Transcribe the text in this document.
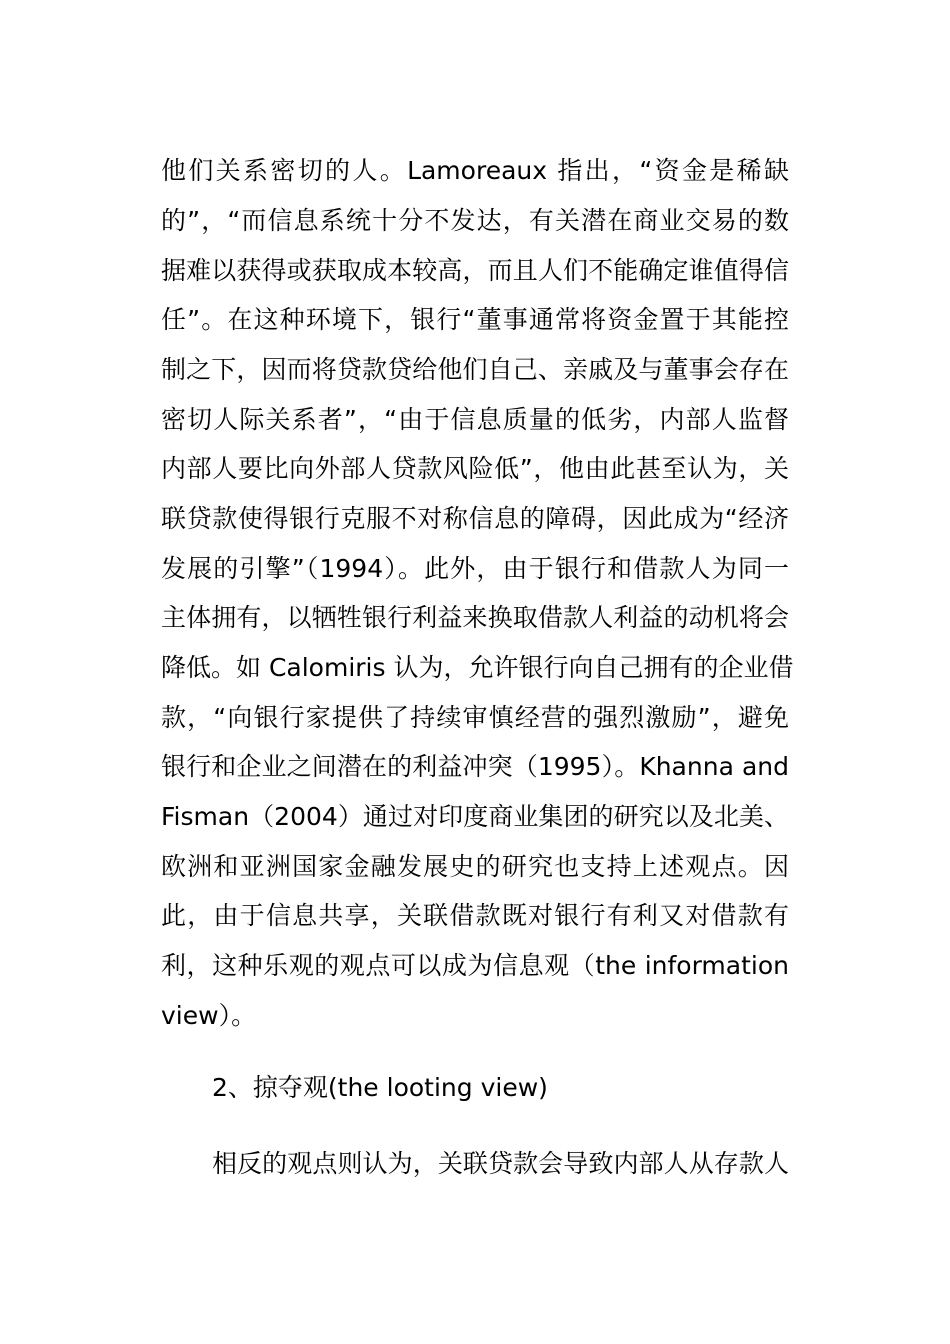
他们关系密切的人。Lamoreaux 指出，“资金是稀缺

的”，“而信息系统十分不发达，有关潜在商业交易的数

据难以获得或获取成本较高，而且人们不能确定谁值得信

任”。在这种环境下，银行“董事通常将资金置于其能控

制之下，因而将贷款贷给他们自己、亲戚及与董事会存在

密切人际关系者”，“由于信息质量的低劣，内部人监督

内部人要比向外部人贷款风险低”，他由此甚至认为，关

联贷款使得银行克服不对称信息的障碍，因此成为“经济

发展的引擎”（1994）。此外，由于银行和借款人为同一

主体拥有，以牺牲银行利益来换取借款人利益的动机将会

降低。如 Calomiris 认为，允许银行向自己拥有的企业借

款，“向银行家提供了持续审慎经营的强烈激励”，避免

银行和企业之间潜在的利益冲突（1995）。Khanna and

Fisman（2004）通过对印度商业集团的研究以及北美、

欧洲和亚洲国家金融发展史的研究也支持上述观点。因

此，由于信息共享，关联借款既对银行有利又对借款有

利，这种乐观的观点可以成为信息观（the information

view）。

2、掠夺观(the looting view)

相反的观点则认为，关联贷款会导致内部人从存款人
